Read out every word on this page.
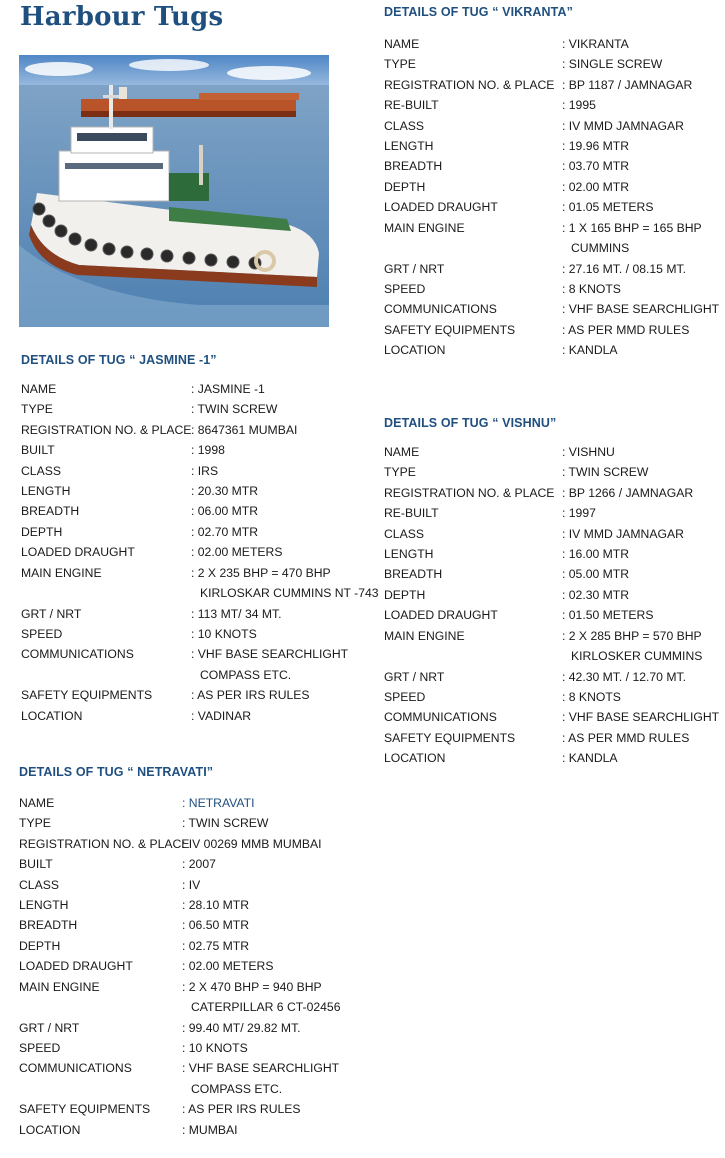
Harbour Tugs	DETAILS OF TUG “ VIKRANTA”
NAME	: VIKRANTA
TYPE	: SINGLE SCREW
REGISTRATION NO. & PLACE : BP 1187 / JAMNAGAR
RE-BUILT	: 1995
CLASS	: IV MMD JAMNAGAR
LENGTH	: 19.96 MTR
BREADTH	: 03.70 MTR
DEPTH	: 02.00 MTR
LOADED DRAUGHT	: 01.05 METERS
MAIN ENGINE	: 1 X 165 BHP = 165 BHP
CUMMINS
GRT / NRT	: 27.16 MT. / 08.15 MT.
SPEED	: 8 KNOTS
COMMUNICATIONS	: VHF BASE SEARCHLIGHT
SAFETY EQUIPMENTS	: AS PER MMD RULES
LOCATION	: KANDLA
DETAILS OF TUG “ JASMINE -1”
NAME	: JASMINE -1
TYPE	: TWIN SCREW
REGISTRATION NO. & PLACE : 8647361 MUMBAI
BUILT	: 1998
CLASS	: IRS
LENGTH	: 20.30 MTR
BREADTH	: 06.00 MTR
DEPTH	: 02.70 MTR
LOADED DRAUGHT	: 02.00 METERS
MAIN ENGINE	: 2 X 235 BHP = 470 BHP
KIRLOSKAR CUMMINS NT -743
GRT / NRT	: 113 MT/ 34 MT.
SPEED	: 10 KNOTS
COMMUNICATIONS	: VHF BASE SEARCHLIGHT
COMPASS ETC.
SAFETY EQUIPMENTS	: AS PER IRS RULES
LOCATION	: VADINAR
DETAILS OF TUG “ VISHNU”
NAME	: VISHNU
TYPE	: TWIN SCREW
REGISTRATION NO. & PLACE : BP 1266 / JAMNAGAR
RE-BUILT	: 1997
CLASS	: IV MMD JAMNAGAR
LENGTH	: 16.00 MTR
BREADTH	: 05.00 MTR
DEPTH	: 02.30 MTR
LOADED DRAUGHT	: 01.50 METERS
MAIN ENGINE	: 2 X 285 BHP = 570 BHP
KIRLOSKER CUMMINS
GRT / NRT	: 42.30 MT. / 12.70 MT.
SPEED	: 8 KNOTS
COMMUNICATIONS	: VHF BASE SEARCHLIGHT
SAFETY EQUIPMENTS	: AS PER MMD RULES
LOCATION	: KANDLA
DETAILS OF TUG “ NETRAVATI”
NAME	: NETRAVATI
TYPE	: TWIN SCREW
REGISTRATION NO. & PLACE
: IV 00269 MMB MUMBAI
BUILT	: 2007
CLASS	: IV
LENGTH	: 28.10 MTR
BREADTH	: 06.50 MTR
DEPTH	: 02.75 MTR
LOADED DRAUGHT	: 02.00 METERS
MAIN ENGINE	: 2 X 470 BHP = 940 BHP
CATERPILLAR 6 CT-02456
GRT / NRT	: 99.40 MT/ 29.82 MT.
SPEED	: 10 KNOTS
COMMUNICATIONS	: VHF BASE SEARCHLIGHT
COMPASS ETC.
SAFETY EQUIPMENTS	: AS PER IRS RULES
LOCATION	: MUMBAI
